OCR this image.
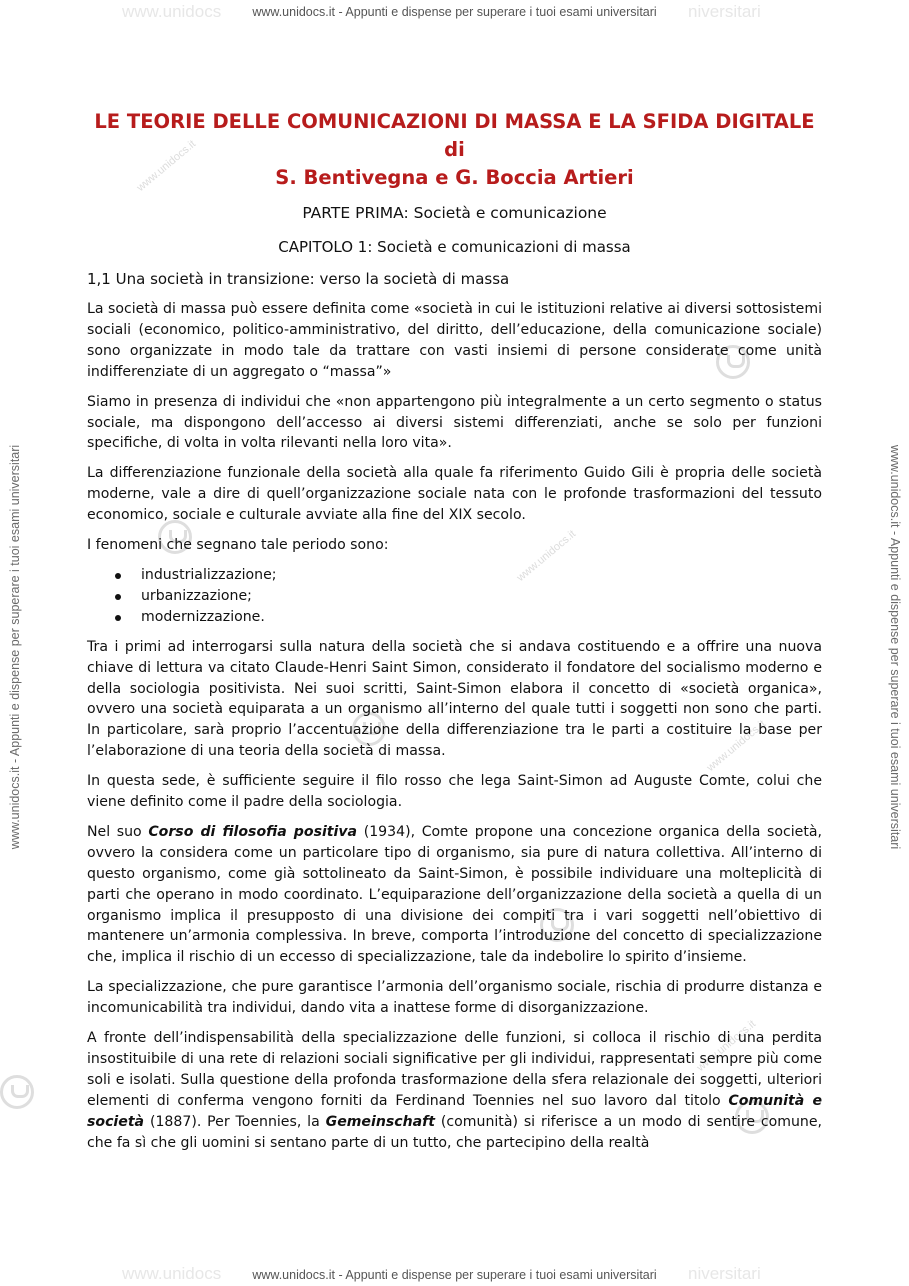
www.unidocs	niversitari
www.unidocs.it - Appunti e dispense per superare i tuoi esami universitari
www.unidocs	niversitari
www.unidocs.it - Appunti e dispense per superare i tuoi esami universitari
www.unidocs.it - Appunti e dispense per superare i tuoi esami universitari	www.unidocs.it - Appunti e dispense per superare i tuoi esami universitari
www.unidocs.it
www.unidocs.it
www.unidocs.it
www.unidocs.it
LE TEORIE DELLE COMUNICAZIONI DI MASSA E LA SFIDA DIGITALE di
S. Bentivegna e G. Boccia Artieri
PARTE PRIMA: Società e comunicazione
CAPITOLO 1: Società e comunicazioni di massa
1,1 Una società in transizione: verso la società di massa

La società di massa può essere definita come «società in cui le istituzioni relative ai diversi sottosistemi sociali (economico, politico-amministrativo, del diritto, dell’educazione, della comunicazione sociale) sono organizzate in modo tale da trattare con vasti insiemi di persone considerate come unità indifferenziate di un aggregato o “massa”»

Siamo in presenza di individui che «non appartengono più integralmente a un certo segmento o status sociale, ma dispongono dell’accesso ai diversi sistemi differenziati, anche se solo per funzioni specifiche, di volta in volta rilevanti nella loro vita».

La differenziazione funzionale della società alla quale fa riferimento Guido Gili è propria delle società moderne, vale a dire di quell’organizzazione sociale nata con le profonde trasformazioni del tessuto economico, sociale e culturale avviate alla fine del XIX secolo.

I fenomeni che segnano tale periodo sono:

industrializzazione;
urbanizzazione;
modernizzazione.

Tra i primi ad interrogarsi sulla natura della società che si andava costituendo e a offrire una nuova chiave di lettura va citato Claude-Henri Saint Simon, considerato il fondatore del socialismo moderno e della sociologia positivista. Nei suoi scritti, Saint-Simon elabora il concetto di «società organica», ovvero una società equiparata a un organismo all’interno del quale tutti i soggetti non sono che parti. In particolare, sarà proprio l’accentuazione della differenziazione tra le parti a costituire la base per l’elaborazione di una teoria della società di massa.

In questa sede, è sufficiente seguire il filo rosso che lega Saint-Simon ad Auguste Comte, colui che viene definito come il padre della sociologia.

Nel suo Corso di filosofia positiva (1934), Comte propone una concezione organica della società, ovvero la considera come un particolare tipo di organismo, sia pure di natura collettiva. All’interno di questo organismo, come già sottolineato da Saint-Simon, è possibile individuare una molteplicità di parti che operano in modo coordinato. L’equiparazione dell’organizzazione della società a quella di un organismo implica il presupposto di una divisione dei compiti tra i vari soggetti nell’obiettivo di mantenere un’armonia complessiva. In breve, comporta l’introduzione del concetto di specializzazione che, implica il rischio di un eccesso di specializzazione, tale da indebolire lo spirito d’insieme.

La specializzazione, che pure garantisce l’armonia dell’organismo sociale, rischia di produrre distanza e incomunicabilità tra individui, dando vita a inattese forme di disorganizzazione.

A fronte dell’indispensabilità della specializzazione delle funzioni, si colloca il rischio di una perdita insostituibile di una rete di relazioni sociali significative per gli individui, rappresentati sempre più come soli e isolati. Sulla questione della profonda trasformazione della sfera relazionale dei soggetti, ulteriori elementi di conferma vengono forniti da Ferdinand Toennies nel suo lavoro dal titolo Comunità e società (1887). Per Toennies, la Gemeinschaft (comunità) si riferisce a un modo di sentire comune, che fa sì che gli uomini si sentano parte di un tutto, che partecipino della realtà
